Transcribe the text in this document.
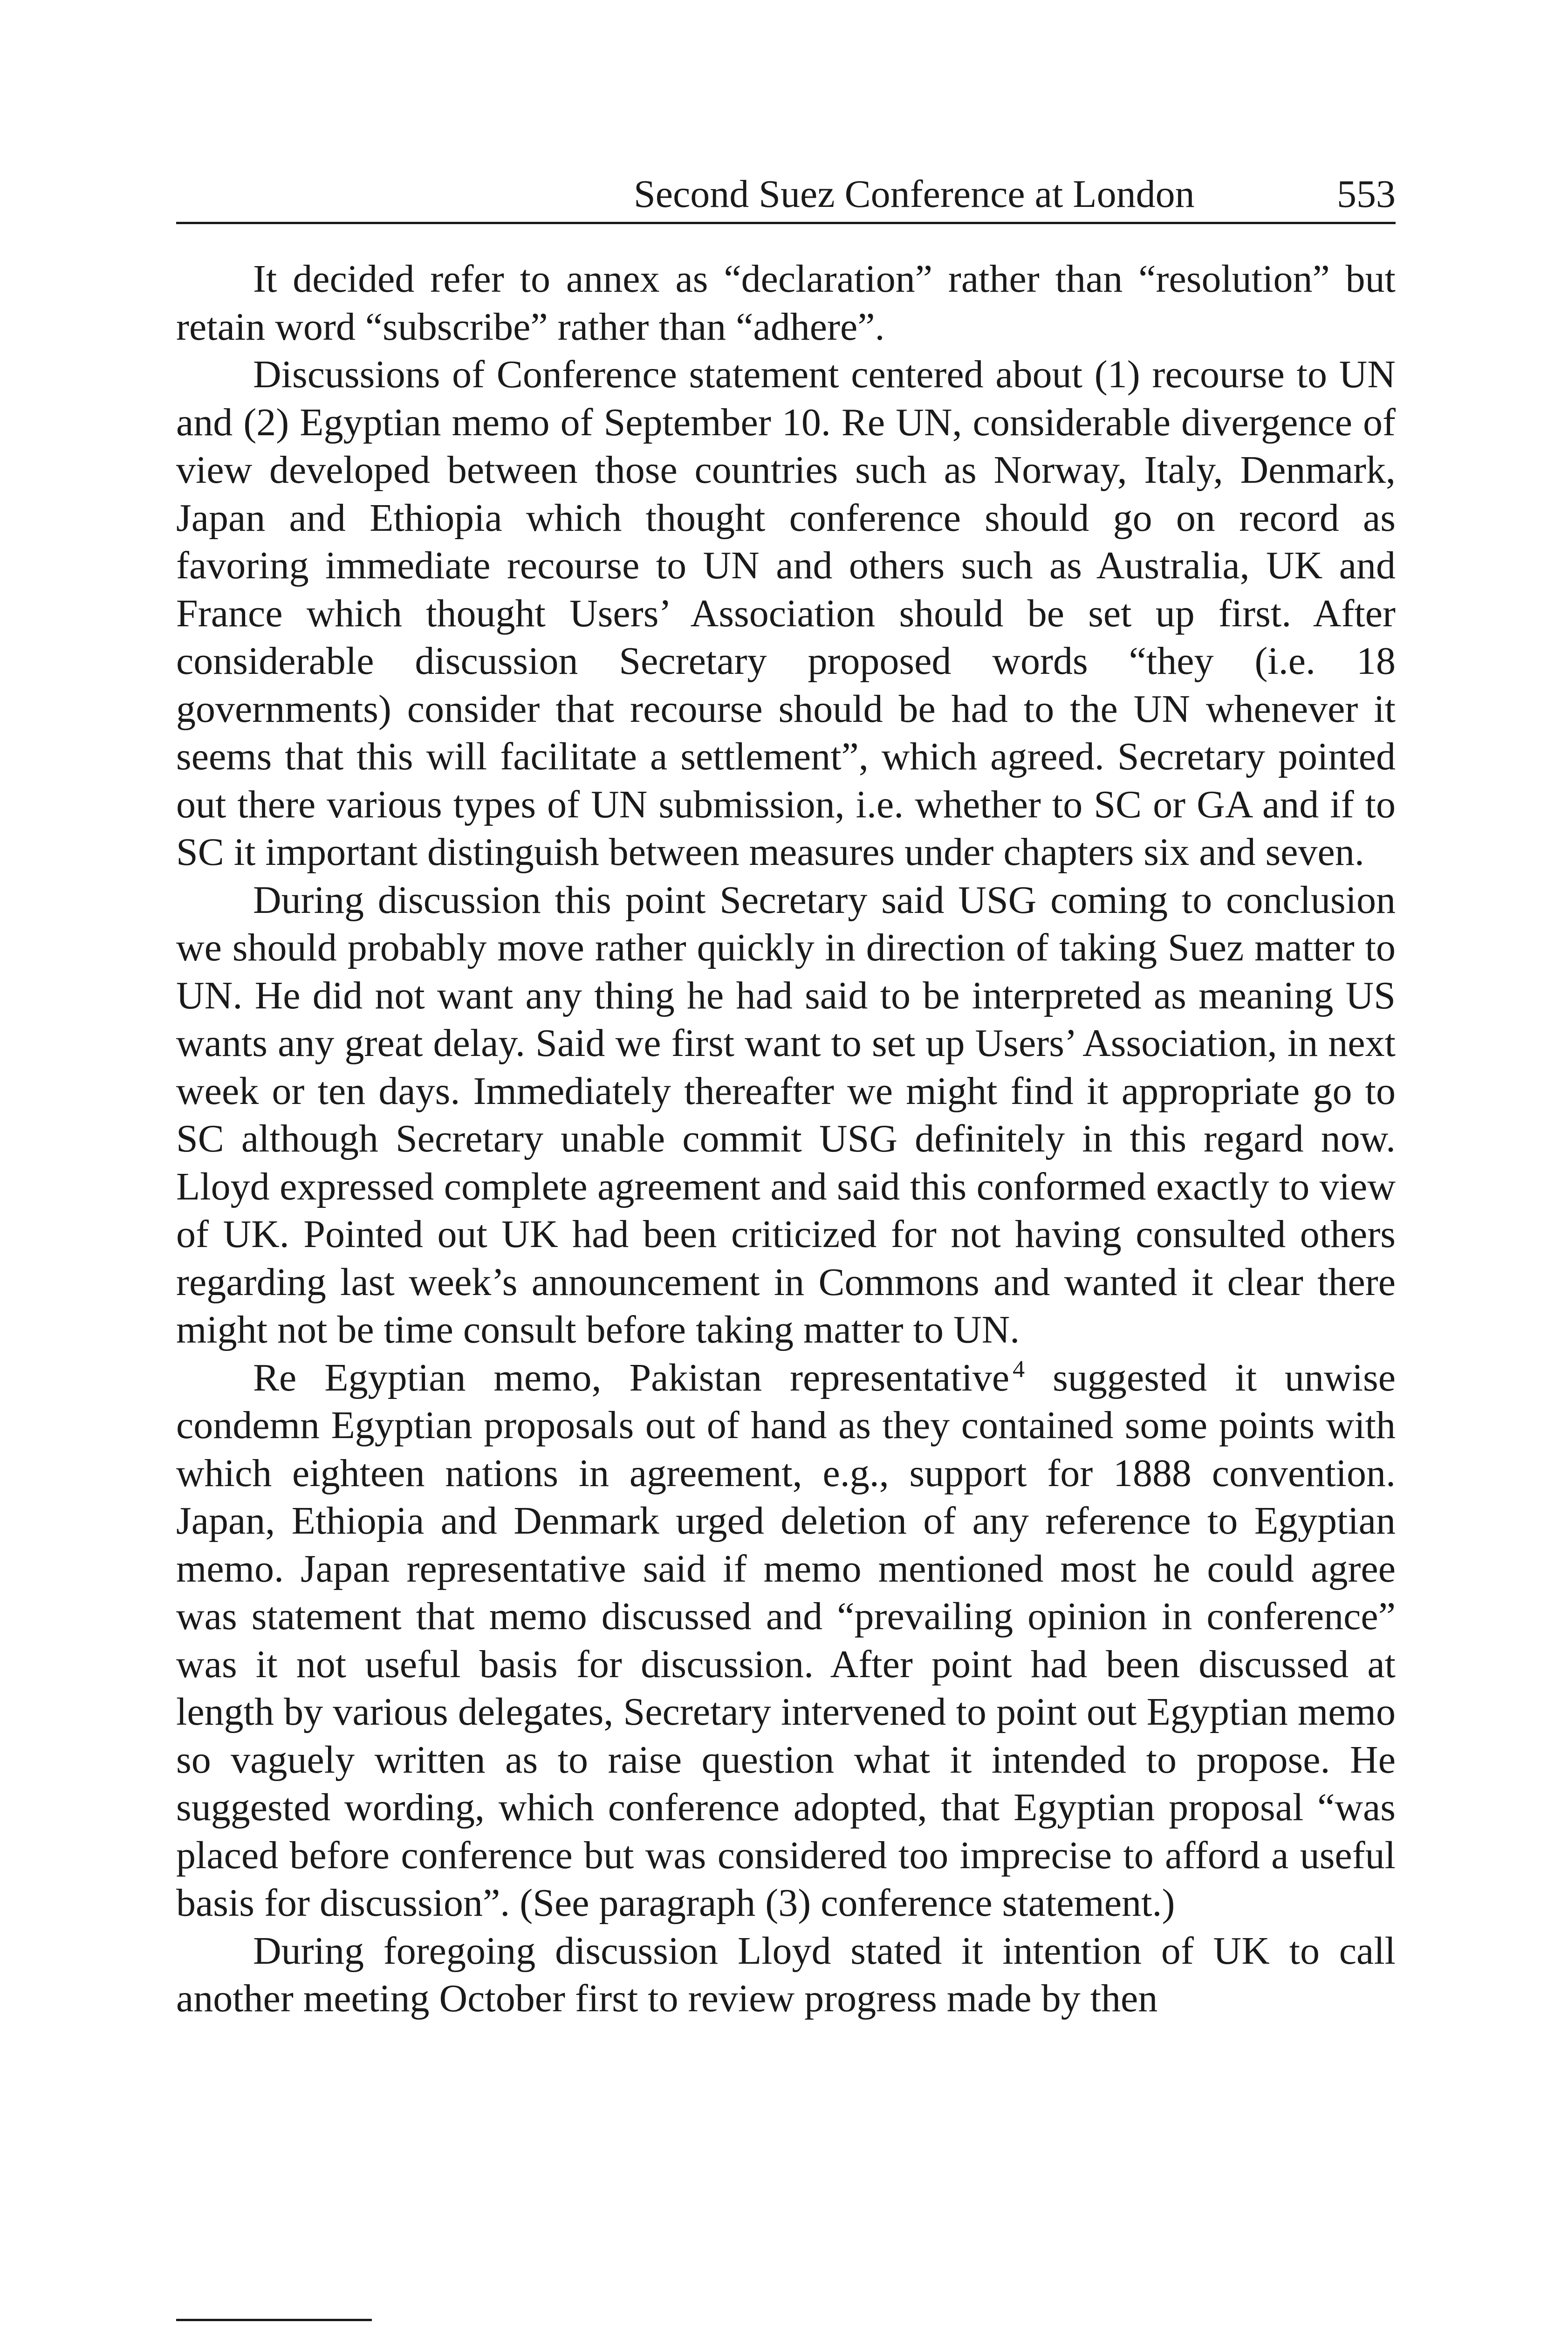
Second Suez Conference at London	553

It decided refer to annex as “declaration” rather than “resolution” but retain word “subscribe” rather than “adhere”.

Discussions of Conference statement centered about (1) recourse to UN and (2) Egyptian memo of September 10. Re UN, considerable divergence of view developed between those countries such as Norway, Italy, Denmark, Japan and Ethiopia which thought conference should go on record as favoring immediate recourse to UN and others such as Australia, UK and France which thought Users’ Association should be set up first. After considerable discussion Secretary proposed words “they (i.e. 18 governments) consider that recourse should be had to the UN whenever it seems that this will facilitate a settlement”, which agreed. Secretary pointed out there various types of UN submission, i.e. whether to SC or GA and if to SC it important distinguish between measures under chapters six and seven.

During discussion this point Secretary said USG coming to conclusion we should probably move rather quickly in direction of taking Suez matter to UN. He did not want any thing he had said to be interpreted as meaning US wants any great delay. Said we first want to set up Users’ Association, in next week or ten days. Immediately thereafter we might find it appropriate go to SC although Secretary unable commit USG definitely in this regard now. Lloyd expressed complete agreement and said this conformed exactly to view of UK. Pointed out UK had been criticized for not having consulted others regarding last week’s announcement in Commons and wanted it clear there might not be time consult before taking matter to UN.

Re Egyptian memo, Pakistan representative  $^4$ suggested it unwise condemn Egyptian proposals out of hand as they contained some points with which eighteen nations in agreement, e.g., support for 1888 convention. Japan, Ethiopia and Denmark urged deletion of any reference to Egyptian memo. Japan representative said if memo mentioned most he could agree was statement that memo discussed and “prevailing opinion in conference” was it not useful basis for discussion. After point had been discussed at length by various delegates, Secretary intervened to point out Egyptian memo so vaguely written as to raise question what it intended to propose. He suggested wording, which conference adopted, that Egyptian proposal “was placed before conference but was considered too imprecise to afford a useful basis for discussion”. (See paragraph (3) conference statement.)

During foregoing discussion Lloyd stated it intention of UK to call another meeting October first to review progress made by then
